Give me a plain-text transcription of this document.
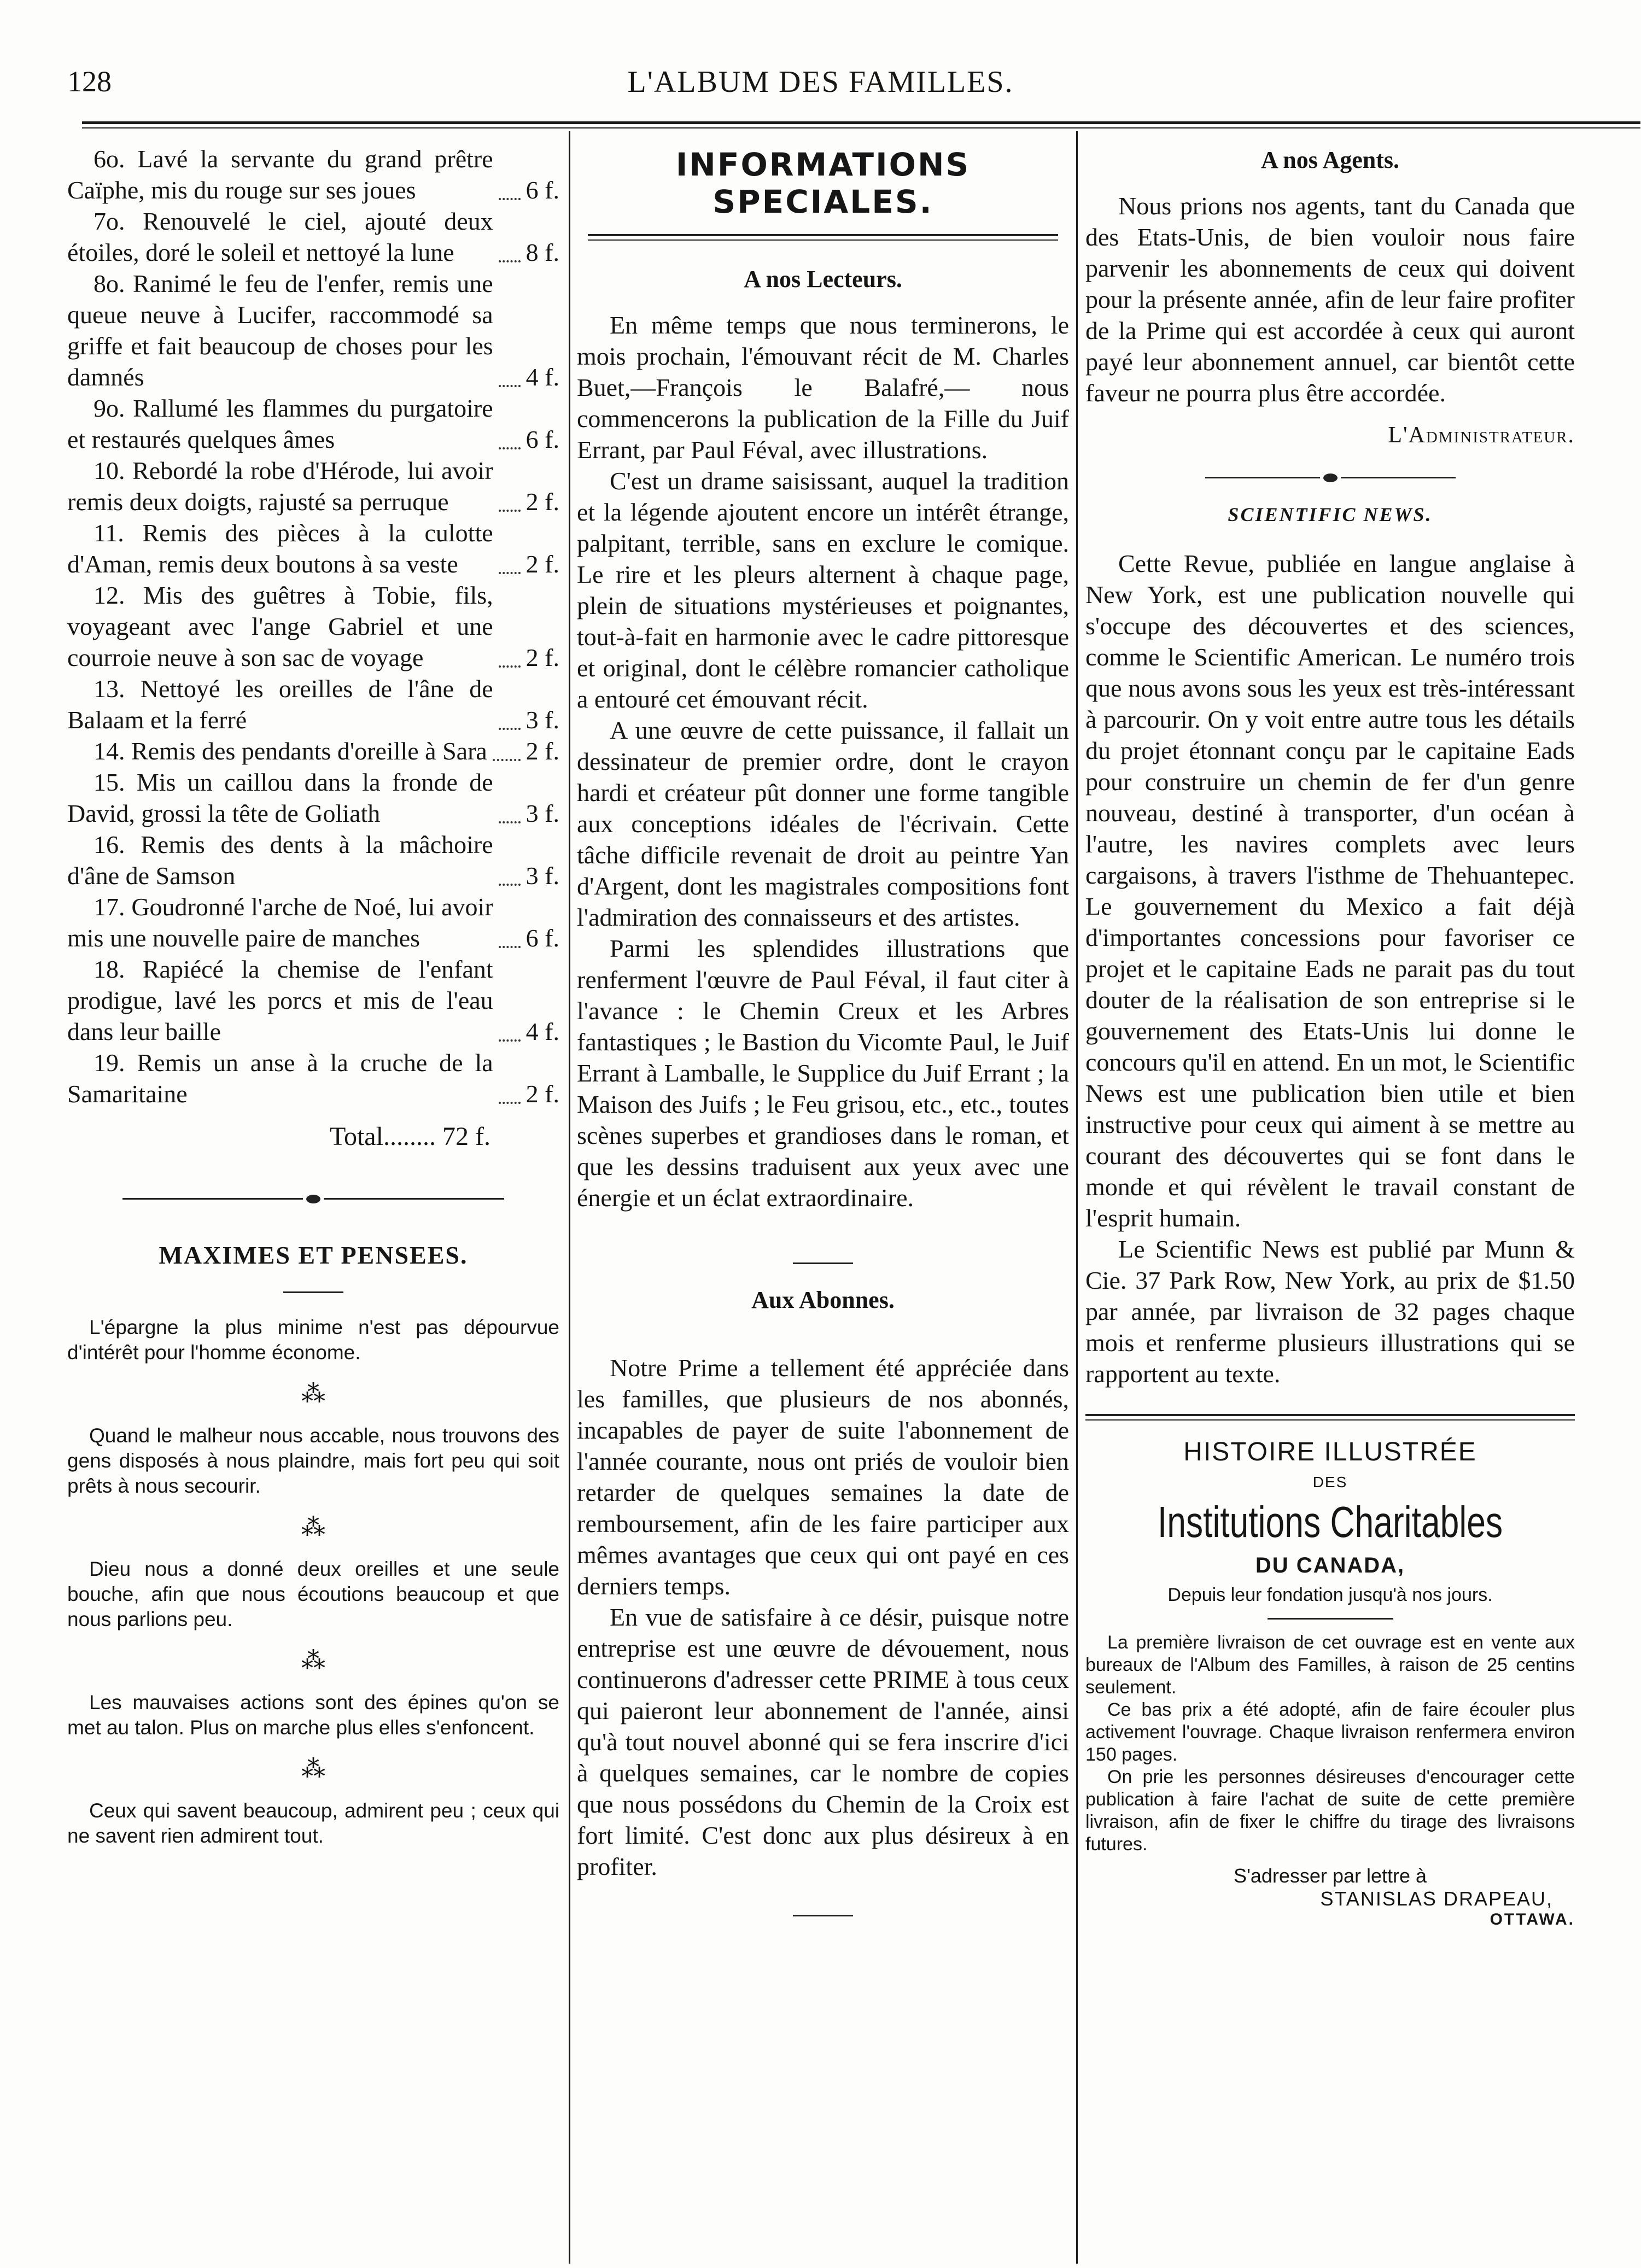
128	L'ALBUM DES FAMILLES.
6o. Lavé la servante du grand prêtre Caïphe, mis du rouge sur ses joues	6 f.
7o. Renouvelé le ciel, ajouté deux étoiles, doré le soleil et nettoyé la lune	8 f.
8o. Ranimé le feu de l'enfer, remis une queue neuve à Lucifer, raccommodé sa griffe et fait beaucoup de choses pour les damnés	4 f.
9o. Rallumé les flammes du purgatoire et restaurés quelques âmes	6 f.
10. Rebordé la robe d'Hérode, lui avoir remis deux doigts, rajusté sa perruque	2 f.
11. Remis des pièces à la culotte d'Aman, remis deux boutons à sa veste	2 f.
12. Mis des guêtres à Tobie, fils, voyageant avec l'ange Gabriel et une courroie neuve à son sac de voyage	2 f.
13. Nettoyé les oreilles de l'âne de Balaam et la ferré	3 f.
14. Remis des pendants d'oreille à Sara 2 f.
15. Mis un caillou dans la fronde de David, grossi la tête de Goliath	3 f.
16. Remis des dents à la mâchoire d'âne de Samson	3 f.
17. Goudronné l'arche de Noé, lui avoir mis une nouvelle paire de manches	6 f.
18. Rapiécé la chemise de l'enfant prodigue, lavé les porcs et mis de l'eau dans leur baille	4 f.
19. Remis un anse à la cruche de la Samaritaine	2 f.
Total........ 72 f.
MAXIMES ET PENSEES.

L'épargne la plus minime n'est pas dépourvue d'intérêt pour l'homme économe.

⁂

Quand le malheur nous accable, nous trouvons des gens disposés à nous plaindre, mais fort peu qui soit prêts à nous secourir.

⁂

Dieu nous a donné deux oreilles et une seule bouche, afin que nous écoutions beaucoup et que nous parlions peu.

⁂

Les mauvaises actions sont des épines qu'on se met au talon. Plus on marche plus elles s'enfoncent.

⁂

Ceux qui savent beaucoup, admirent peu ; ceux qui ne savent rien admirent tout.

INFORMATIONS SPECIALES.
A nos Lecteurs.

En même temps que nous terminerons, le mois prochain, l'émouvant récit de M. Charles Buet,—François le Balafré,— nous commencerons la publication de la Fille du Juif Errant, par Paul Féval, avec illustrations.

C'est un drame saisissant, auquel la tradition et la légende ajoutent encore un intérêt étrange, palpitant, terrible, sans en exclure le comique. Le rire et les pleurs alternent à chaque page, plein de situations mystérieuses et poignantes, tout-à-fait en harmonie avec le cadre pittoresque et original, dont le célèbre romancier catholique a entouré cet émouvant récit.

A une œuvre de cette puissance, il fallait un dessinateur de premier ordre, dont le crayon hardi et créateur pût donner une forme tangible aux conceptions idéales de l'écrivain. Cette tâche difficile revenait de droit au peintre Yan d'Argent, dont les magistrales compositions font l'admiration des connaisseurs et des artistes.

Parmi les splendides illustrations que renferment l'œuvre de Paul Féval, il faut citer à l'avance : le Chemin Creux et les Arbres fantastiques ; le Bastion du Vicomte Paul, le Juif Errant à Lamballe, le Supplice du Juif Errant ; la Maison des Juifs ; le Feu grisou, etc., etc., toutes scènes superbes et grandioses dans le roman, et que les dessins traduisent aux yeux avec une énergie et un éclat extraordinaire.

Aux Abonnes.

Notre Prime a tellement été appréciée dans les familles, que plusieurs de nos abonnés, incapables de payer de suite l'abonnement de l'année courante, nous ont priés de vouloir bien retarder de quelques semaines la date de remboursement, afin de les faire participer aux mêmes avantages que ceux qui ont payé en ces derniers temps.

En vue de satisfaire à ce désir, puisque notre entreprise est une œuvre de dévouement, nous continuerons d'adresser cette PRIME à tous ceux qui paieront leur abonnement de l'année, ainsi qu'à tout nouvel abonné qui se fera inscrire d'ici à quelques semaines, car le nombre de copies que nous possédons du Chemin de la Croix est fort limité. C'est donc aux plus désireux à en profiter.

A nos Agents.

Nous prions nos agents, tant du Canada que des Etats-Unis, de bien vouloir nous faire parvenir les abonnements de ceux qui doivent pour la présente année, afin de leur faire profiter de la Prime qui est accordée à ceux qui auront payé leur abonnement annuel, car bientôt cette faveur ne pourra plus être accordée.

L'Administrateur.
SCIENTIFIC NEWS.

Cette Revue, publiée en langue anglaise à New York, est une publication nouvelle qui s'occupe des découvertes et des sciences, comme le Scientific American. Le numéro trois que nous avons sous les yeux est très-intéressant à parcourir. On y voit entre autre tous les détails du projet étonnant conçu par le capitaine Eads pour construire un chemin de fer d'un genre nouveau, destiné à transporter, d'un océan à l'autre, les navires complets avec leurs cargaisons, à travers l'isthme de Thehuantepec. Le gouvernement du Mexico a fait déjà d'importantes concessions pour favoriser ce projet et le capitaine Eads ne parait pas du tout douter de la réalisation de son entreprise si le gouvernement des Etats-Unis lui donne le concours qu'il en attend. En un mot, le Scientific News est une publication bien utile et bien instructive pour ceux qui aiment à se mettre au courant des découvertes qui se font dans le monde et qui révèlent le travail constant de l'esprit humain.

Le Scientific News est publié par Munn & Cie. 37 Park Row, New York, au prix de $1.50 par année, par livraison de 32 pages chaque mois et renferme plusieurs illustrations qui se rapportent au texte.

HISTOIRE ILLUSTRÉE
DES
Institutions Charitables
DU CANADA,
Depuis leur fondation jusqu'à nos jours.

La première livraison de cet ouvrage est en vente aux bureaux de l'Album des Familles, à raison de 25 centins seulement.

Ce bas prix a été adopté, afin de faire écouler plus activement l'ouvrage. Chaque livraison renfermera environ 150 pages.

On prie les personnes désireuses d'encourager cette publication à faire l'achat de suite de cette première livraison, afin de fixer le chiffre du tirage des livraisons futures.

S'adresser par lettre à
STANISLAS DRAPEAU,
OTTAWA.
